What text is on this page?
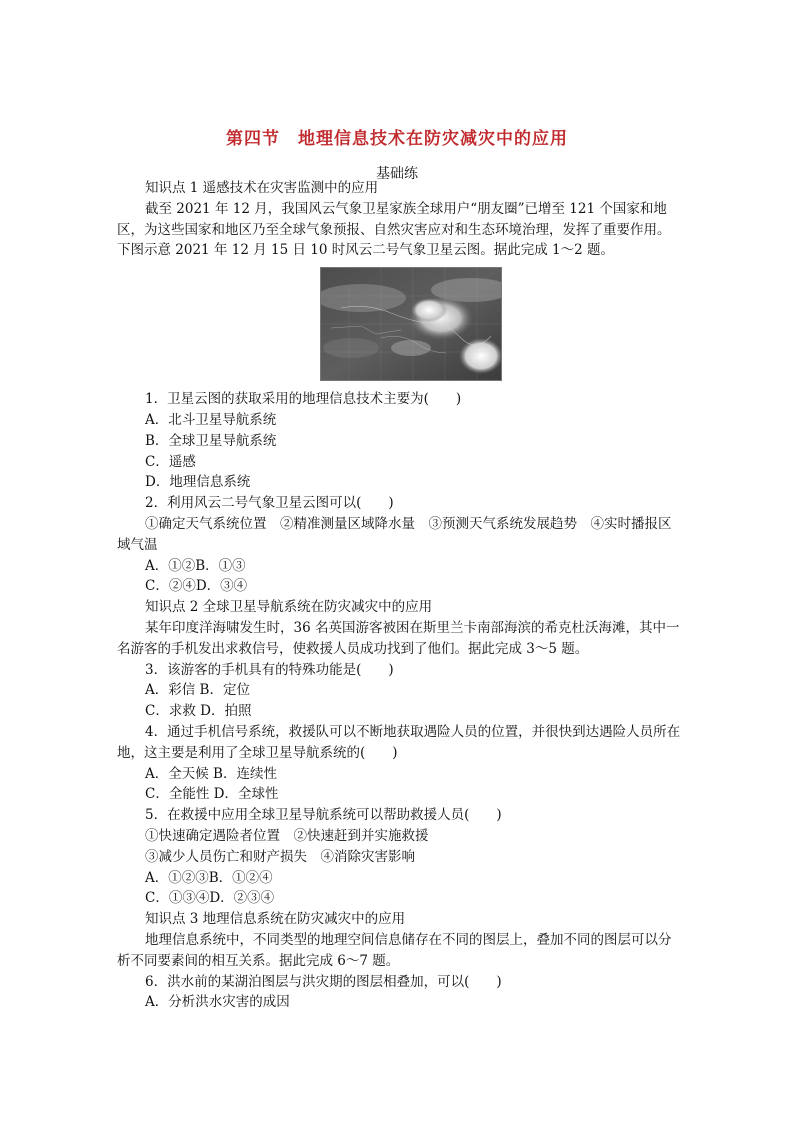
第四节　地理信息技术在防灾减灾中的应用
基础练

知识点 1 遥感技术在灾害监测中的应用

截至 2021 年 12 月，我国风云气象卫星家族全球用户“朋友圈”已增至 121 个国家和地区，为这些国家和地区乃至全球气象预报、自然灾害应对和生态环境治理，发挥了重要作用。下图示意 2021 年 12 月 15 日 10 时风云二号气象卫星云图。据此完成 1～2 题。

1．卫星云图的获取采用的地理信息技术主要为(　　)

A．北斗卫星导航系统

B．全球卫星导航系统

C．遥感

D．地理信息系统

2．利用风云二号气象卫星云图可以(　　)

①确定天气系统位置　②精准测量区域降水量　③预测天气系统发展趋势　④实时播报区域气温

A．①②B．①③

C．②④D．③④

知识点 2 全球卫星导航系统在防灾减灾中的应用

某年印度洋海啸发生时，36 名英国游客被困在斯里兰卡南部海滨的希克杜沃海滩，其中一名游客的手机发出求救信号，使救援人员成功找到了他们。据此完成 3～5 题。

3．该游客的手机具有的特殊功能是(　　)

A．彩信 B．定位

C．求救 D．拍照

4．通过手机信号系统，救援队可以不断地获取遇险人员的位置，并很快到达遇险人员所在地，这主要是利用了全球卫星导航系统的(　　)

A．全天候 B．连续性

C．全能性 D．全球性

5．在救援中应用全球卫星导航系统可以帮助救援人员(　　)

①快速确定遇险者位置　②快速赶到并实施救援

③减少人员伤亡和财产损失　④消除灾害影响

A．①②③B．①②④

C．①③④D．②③④

知识点 3 地理信息系统在防灾减灾中的应用

地理信息系统中，不同类型的地理空间信息储存在不同的图层上，叠加不同的图层可以分析不同要素间的相互关系。据此完成 6～7 题。

6．洪水前的某湖泊图层与洪灾期的图层相叠加，可以(　　)

A．分析洪水灾害的成因
